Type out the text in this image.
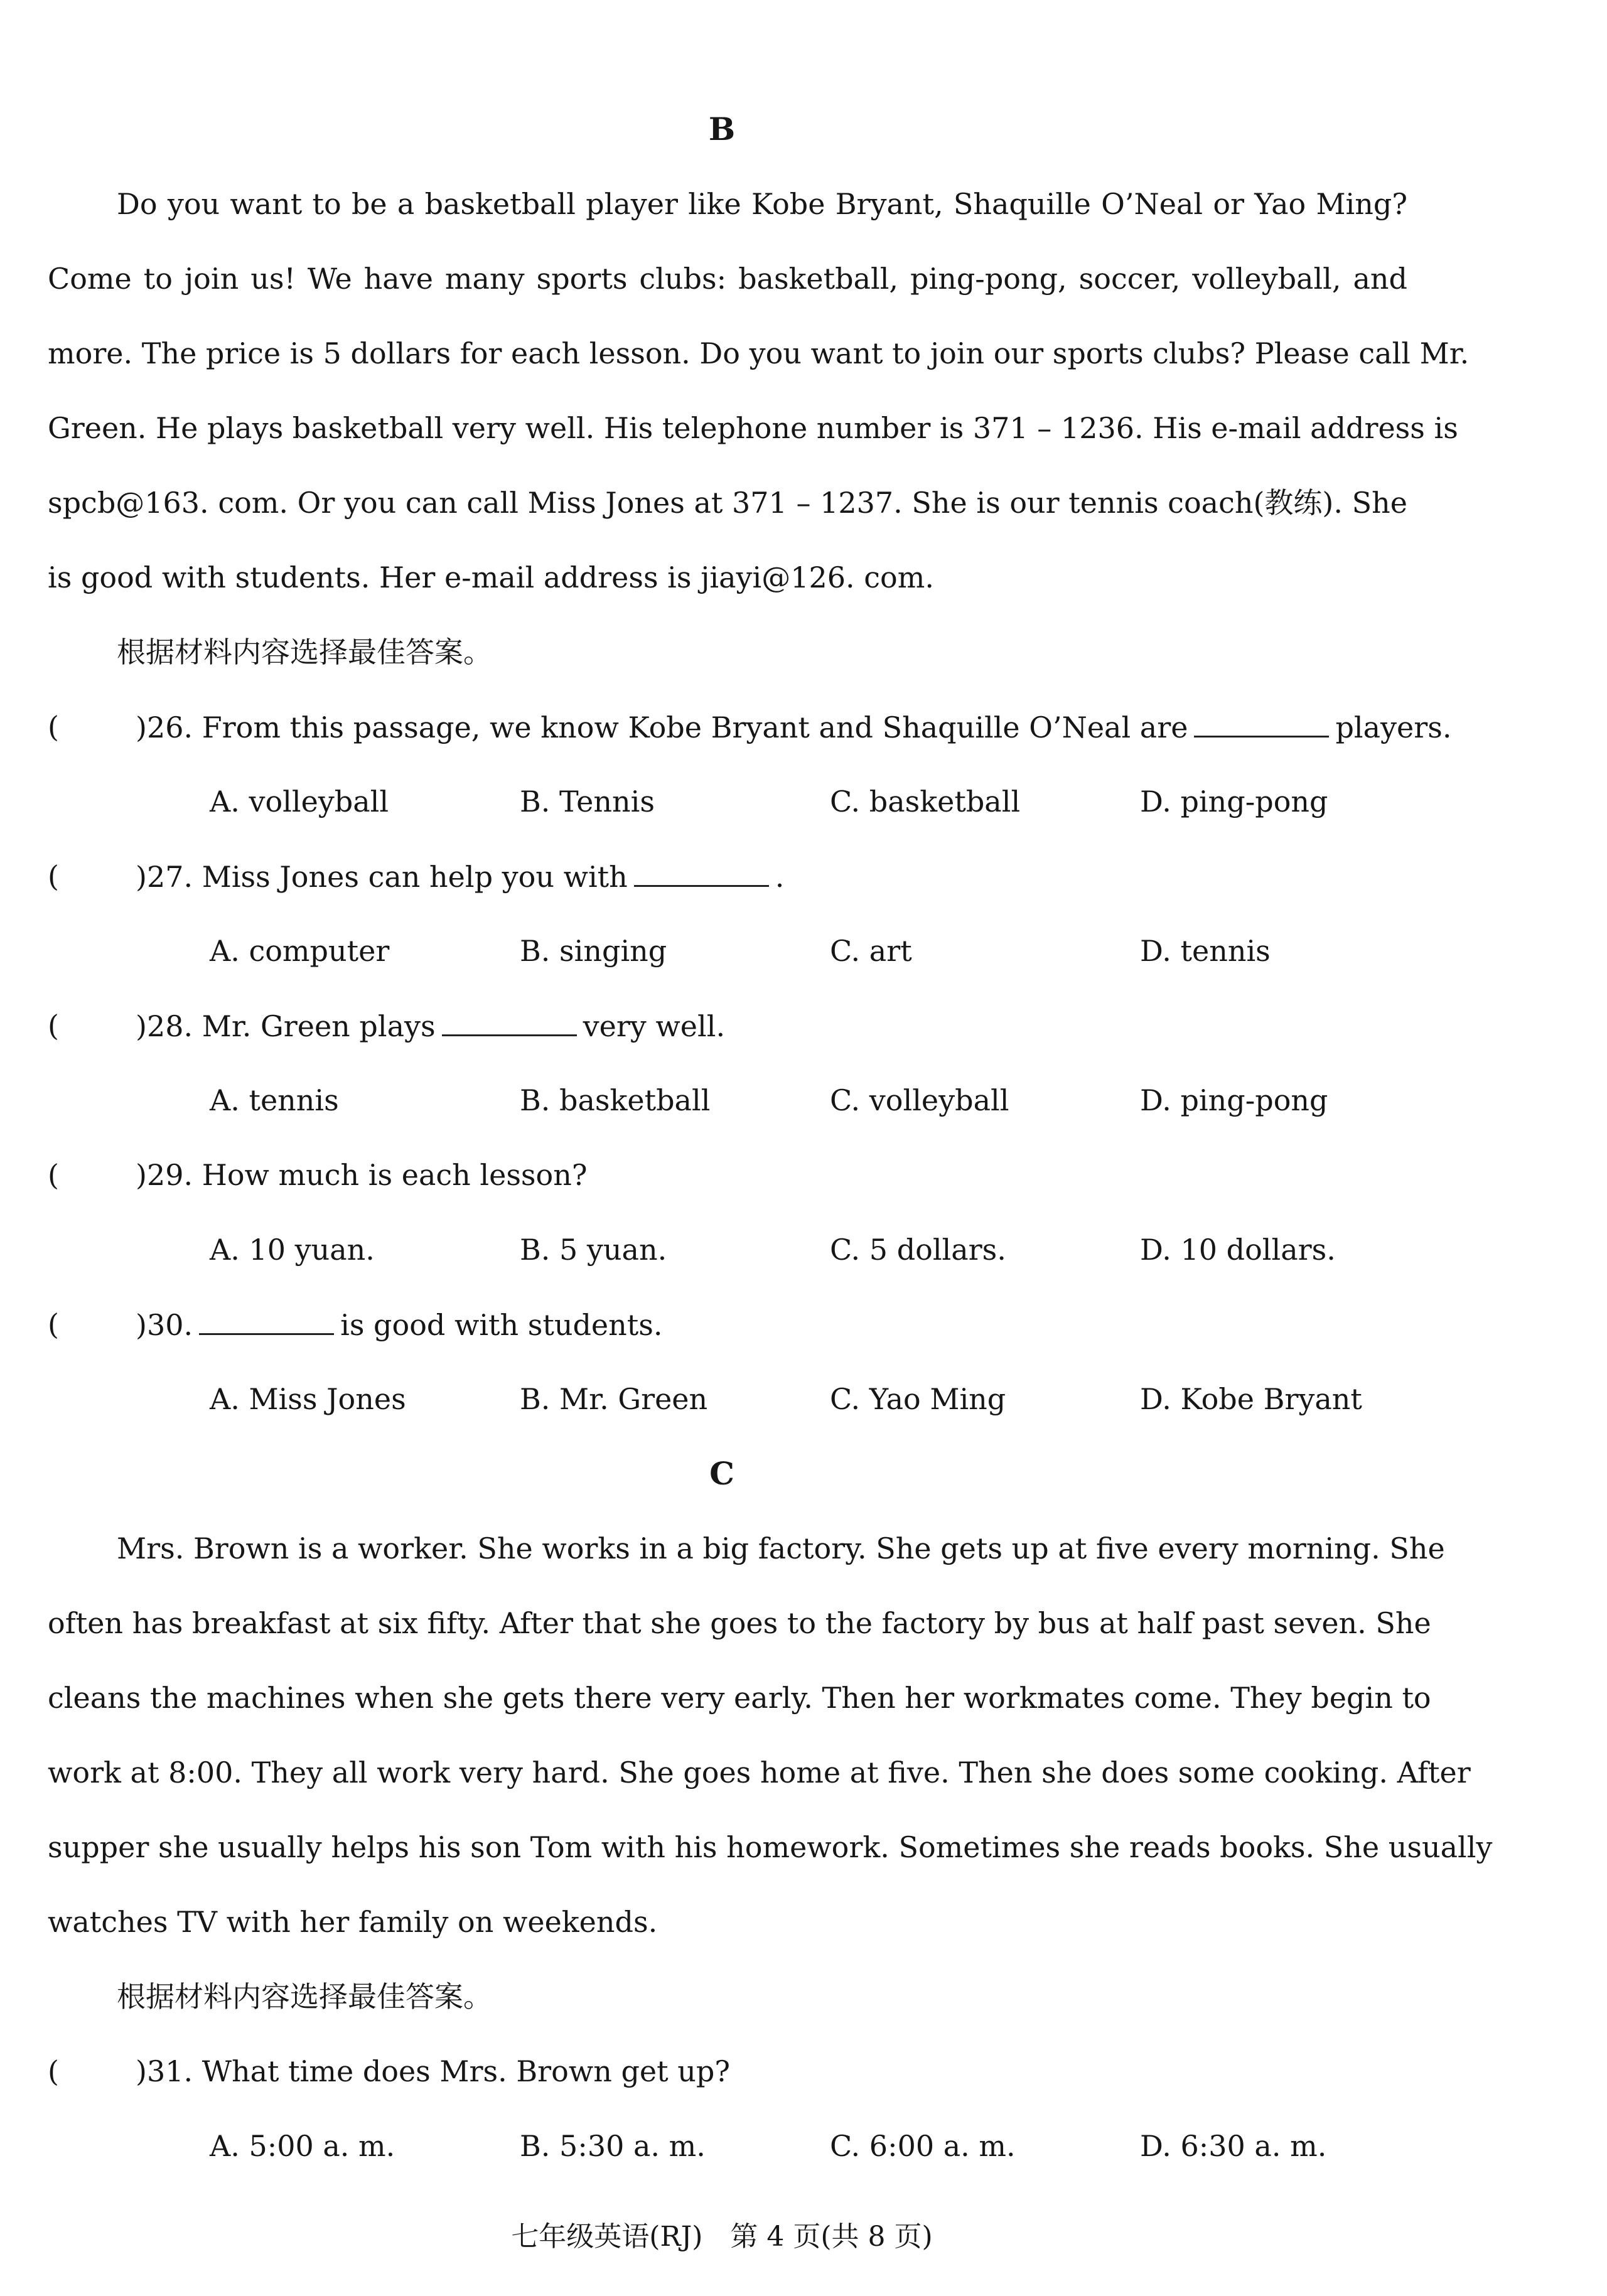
B
Do you want to be a basketball player like Kobe Bryant, Shaquille O’Neal or Yao Ming?
Come to join us! We have many sports clubs: basketball, ping-pong, soccer, volleyball, and
more. The price is 5 dollars for each lesson. Do you want to join our sports clubs? Please call Mr.
Green. He plays basketball very well. His telephone number is 371 – 1236. His e-mail address is
spcb@163. com. Or you can call Miss Jones at 371 – 1237. She is our tennis coach(教练). She
is good with students. Her e-mail address is jiayi@126. com.
根据材料内容选择最佳答案。
(	)26. From this passage, we know Kobe Bryant and Shaquille O’Neal are	players.
A. volleyball	B. Tennis	C. basketball	D. ping-pong
(	)27. Miss Jones can help you with	.
A. computer	B. singing	C. art	D. tennis
(	)28. Mr. Green plays	very well.
A. tennis	B. basketball	C. volleyball	D. ping-pong
(	)29. How much is each lesson?
A. 10 yuan.	B. 5 yuan.	C. 5 dollars.	D. 10 dollars.
(	)30.	is good with students.
A. Miss Jones	B. Mr. Green	C. Yao Ming	D. Kobe Bryant
C
Mrs. Brown is a worker. She works in a big factory. She gets up at five every morning. She
often has breakfast at six fifty. After that she goes to the factory by bus at half past seven. She
cleans the machines when she gets there very early. Then her workmates come. They begin to
work at 8:00. They all work very hard. She goes home at five. Then she does some cooking. After
supper she usually helps his son Tom with his homework. Sometimes she reads books. She usually
watches TV with her family on weekends.
根据材料内容选择最佳答案。
(	)31. What time does Mrs. Brown get up?
A. 5:00 a. m.	B. 5:30 a. m.	C. 6:00 a. m.	D. 6:30 a. m.
七年级英语(RJ)　第 4 页(共 8 页)
